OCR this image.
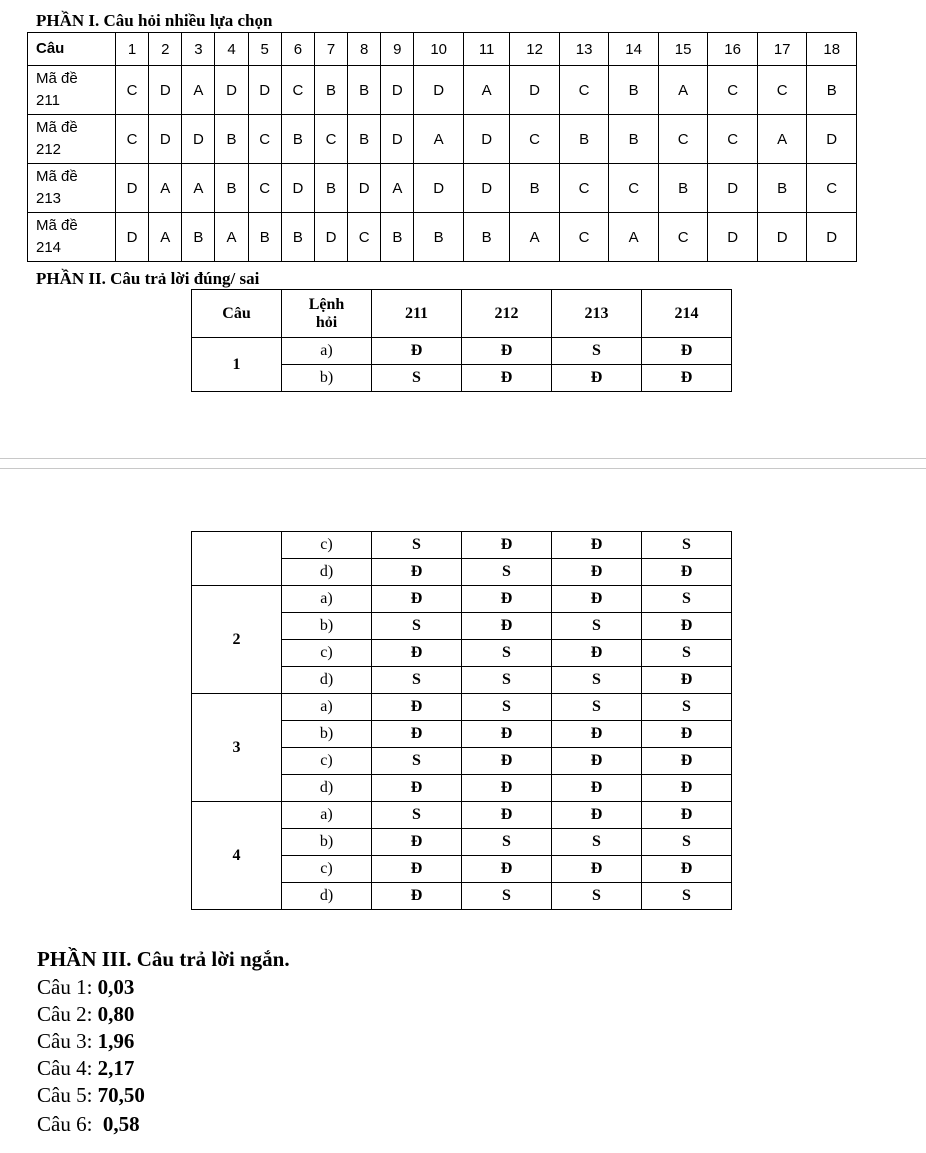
PHẦN I. Câu hỏi nhiều lựa chọn
Câu	1	2	3	4	5	6	7	8	9	10	11	12	13	14	15	16	17	18
Mã đề
211	C	D	A	D	D	C	B	B	D	D	A	D	C	B	A	C	C	B
Mã đề
212	C	D	D	B	C	B	C	B	D	A	D	C	B	B	C	C	A	D
Mã đề
213	D	A	A	B	C	D	B	D	A	D	D	B	C	C	B	D	B	C
Mã đề
214	D	A	B	A	B	B	D	C	B	B	B	A	C	A	C	D	D	D
PHẦN II. Câu trả lời đúng/ sai
Câu	Lệnh
hỏi	211	212	213	214
1	a)	Đ	Đ	S	Đ
	b)	S	Đ	Đ	Đ
	c)	S	Đ	Đ	S
	d)	Đ	S	Đ	Đ
2	a)	Đ	Đ	Đ	S
	b)	S	Đ	S	Đ
	c)	Đ	S	Đ	S
	d)	S	S	S	Đ
3	a)	Đ	S	S	S
	b)	Đ	Đ	Đ	Đ
	c)	S	Đ	Đ	Đ
	d)	Đ	Đ	Đ	Đ
4	a)	S	Đ	Đ	Đ
	b)	Đ	S	S	S
	c)	Đ	Đ	Đ	Đ
	d)	Đ	S	S	S
PHẦN III. Câu trả lời ngắn.
Câu 1: 0,03
Câu 2: 0,80
Câu 3: 1,96
Câu 4: 2,17
Câu 5: 70,50
Câu 6:  0,58
